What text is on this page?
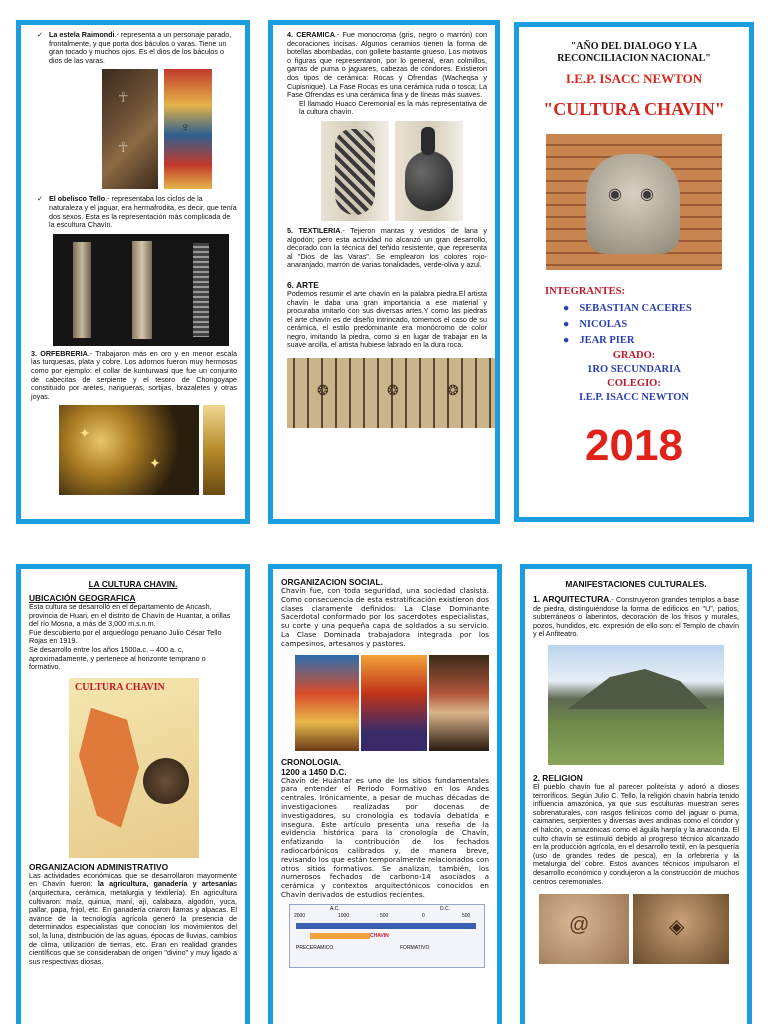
✓ La estela Raimondi.- representa a un personaje parado, frontalmente, y que porta dos báculos o varas. Tiene un gran tocado y muchos ojos. Es el dios de los báculos o dios de las varas.
☥
☥
♆
✓ El obelisco Tello.- representaba los ciclos de la naturaleza y el jaguar, era hermafrodita, es decir, que tenía dos sexos. Esta es la representación más complicada de la escultura Chavín.
3. ORFEBRERIA.- Trabajaron más en oro y en menor escala las turquesas, plata y cobre. Los adornos fueron muy hermosos como por ejemplo: el collar de kunturwasi que fue un conjunto de cabecitas de serpiente y el tesoro de Chongoyape constituido por aretes, narigueras, sortijas, brazaletes y otras joyas.
✦
✦
4. CERAMICA.- Fue monocroma (gris, negro o marrón) con decoraciones incisas. Algunos ceramios tienen la forma de botellas abombadas, con gollete bastante grueso. Los motivos o figuras que representaron, por lo general, eran colmillos, garras de puma o jaguares, cabezas de cóndores. Existieron dos tipos de cerámica: Rocas y Ofrendas (Wacheqsa y Cupisnique). La Fase Rocas es una cerámica ruda o tosca; La Fase Ofrendas es una cerámica fina y de líneas más suaves.
El llamado Huaco Ceremonial es la más representativa de la cultura chavín.
5. TEXTILERIA.- Tejieron mantas y vestidos de lana y algodón; pero esta actividad no alcanzó un gran desarrollo, decorado con la técnica del teñido resistente, que representa al "Dios de las Varas". Se emplearon los colores rojo-anaranjado, marrón de varias tonalidades, verde-oliva y azul.
6. ARTE
Podemos resumir el arte chavín en la palabra piedra.El artista chavín le daba una gran importancia a ese material y procuraba imitarlo con sus diversas artes.Y como las piedras el arte chavín es de diseño intrincado, tomemos el caso de su cerámica, el estilo predominante era monócromo de color negro, imitando la piedra, como si en lugar de trabajar en la suave arcilla, el artista hubiese labrado en la dura roca.
❂	❂	❂
"AÑO DEL DIALOGO Y LA RECONCILIACION NACIONAL"
I.E.P. ISACC NEWTON
"CULTURA CHAVIN"
◉ ◉
INTEGRANTES:
● SEBASTIAN CACERES
● NICOLAS
● JEAR PIER
GRADO:
1RO SECUNDARIA
COLEGIO:
I.E.P. ISACC NEWTON
2018
LA CULTURA CHAVIN.
UBICACIÓN GEOGRAFICA
Esta cultura se desarrolló en el departamento de Ancash, provincia de Huari, en el distrito de Chavín de Huantar, a orillas del río Mosna, a más de 3,000 m.s.n.m.
Fue descubierto por el arqueólogo peruano Julio César Tello Rojas en 1919.
Se desarrollo entre los años 1500a.c. – 400 a. c, aproximadamente, y pertenece al horizonte temprano o formativo.
CULTURA CHAVIN
ORGANIZACION ADMINISTRATIVO
Las actividades económicas que se desarrollaron mayormente en Chavín fueron: la agricultura, ganadería y artesanías (arquitectura, cerámica, metalurgia y textilería). En agricultura cultivaron: maíz, quinua, maní, ají, calabaza, algodón, yuca, pallar, papa, frijol, etc. En ganadería criaron llamas y alpacas. El avance de la tecnología agrícola generó la presencia de determinados especialistas que conocían los movimientos del sol, la luna, distribución de las aguas, épocas de lluvias, cambios de clima, utilización de tierras, etc. Eran en realidad grandes científicos que se consideraban de origen "divino" y muy ligado a sus respectivas diosas.
ORGANIZACION SOCIAL.
Chavín fue, con toda seguridad, una sociedad clasista. Como consecuencia de esta estratificación existieron dos clases claramente definidos: La Clase Dominante Sacerdotal conformado por los sacerdotes especialistas, su corte y una pequeña capa de soldados a su servicio. La Clase Dominada trabajadora integrada por los campesinos, artesanos y pastores.
CRONOLOGIA.
1200 a 1450 D.C.
Chavín de Huántar es uno de los sitios fundamentales para entender el Periodo Formativo en los Andes centrales. Irónicamente, a pesar de muchas décadas de investigaciones realizadas por docenas de investigadores, su cronología es todavía debatida e insegura. Este artículo presenta una reseña de la evidencia histórica para la cronología de Chavín, enfatizando la contribución de los fechados radiocarbónicos calibrados y, de manera breve, revisando los que están temporalmente relacionados con otros sitios formativos. Se analizan, también, los numerosos fechados de carbono-14 asociados a cerámica y contextos arquitectónicos conocidos en Chavín derivados de estudios recientes.
A.C.	D.C.
2000	1000	500	0	500
CHAVIN
PRECERAMICO	FORMATIVO
MANIFESTACIONES CULTURALES.
1. ARQUITECTURA.- Construyeron grandes templos a base de piedra, distinguiéndose la forma de edificios en "U", patios, subterráneos o laberintos, decoración de los frisos y murales, pozos, hundidos, etc. expresión de ello son: el Templo de chavín y el Anfiteatro.
2. RELIGION
El pueblo chavín fue al parecer politeísta y adoró a dioses terroríficos. Según Julio C. Tello, la religión chavín habría tenido influencia amazónica, ya que sus esculturas muestran seres sobrenaturales, con rasgos felínicos como del jaguar o puma, caimanes, serpientes y diversas aves andinas como el cóndor y el halcón, o amazónicas como el águila harpía y la anaconda. El culto chavín se estimuló debido al progreso técnico alcanzado en la producción agrícola, en el desarrollo textil, en la pesquería (uso de grandes redes de pesca), en la orfebrería y la metalurgia del cobre. Estos avances técnicos impulsaron el desarrollo económico y condujeron a la construcción de muchos centros ceremoniales.
@	◈
